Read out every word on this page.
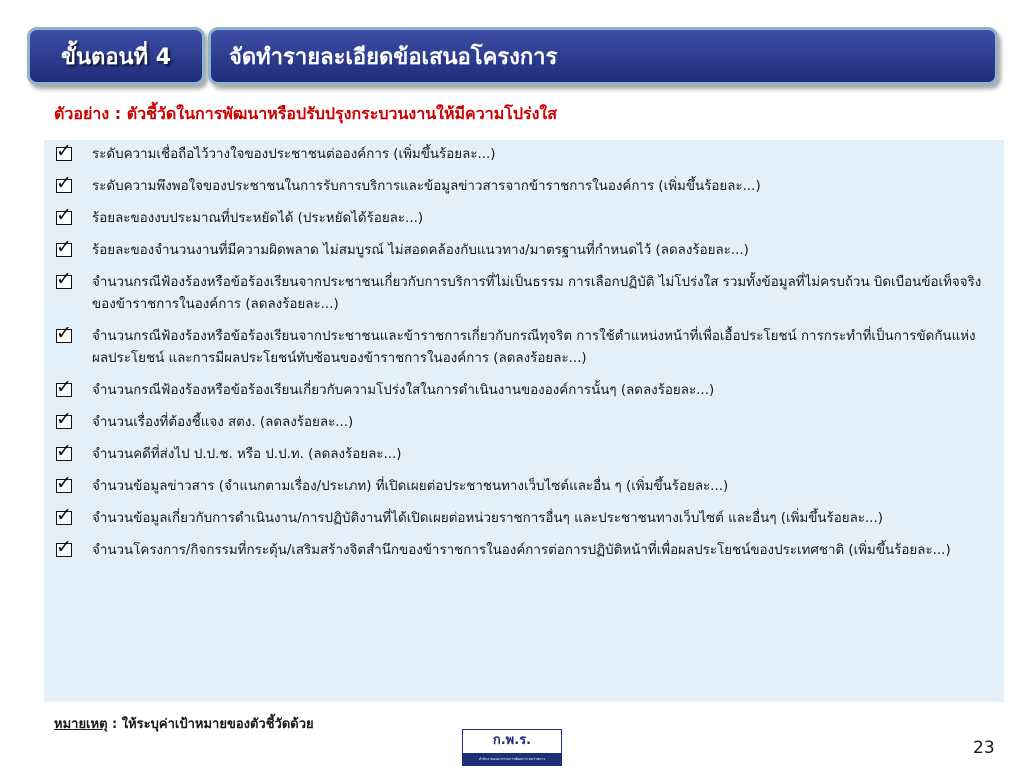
ขั้นตอนที่ 4	จัดทำรายละเอียดข้อเสนอโครงการ
ตัวอย่าง : ตัวชี้วัดในการพัฒนาหรือปรับปรุงกระบวนงานให้มีความโปร่งใส
✓
ระดับความเชื่อถือไว้วางใจของประชาชนต่อองค์การ (เพิ่มขึ้นร้อยละ...)
✓
ระดับความพึงพอใจของประชาชนในการรับการบริการและข้อมูลข่าวสารจากข้าราชการในองค์การ (เพิ่มขึ้นร้อยละ...)
✓
ร้อยละของงบประมาณที่ประหยัดได้ (ประหยัดได้ร้อยละ...)
✓
ร้อยละของจำนวนงานที่มีความผิดพลาด ไม่สมบูรณ์ ไม่สอดคล้องกับแนวทาง/มาตรฐานที่กำหนดไว้ (ลดลงร้อยละ...)
✓
จำนวนกรณีฟ้องร้องหรือข้อร้องเรียนจากประชาชนเกี่ยวกับการบริการที่ไม่เป็นธรรม การเลือกปฏิบัติ ไม่โปร่งใส รวมทั้งข้อมูลที่ไม่ครบถ้วน บิดเบือนข้อเท็จจริงของข้าราชการในองค์การ (ลดลงร้อยละ...)
✓
จำนวนกรณีฟ้องร้องหรือข้อร้องเรียนจากประชาชนและข้าราชการเกี่ยวกับกรณีทุจริต การใช้ตำแหน่งหน้าที่เพื่อเอื้อประโยชน์ การกระทำที่เป็นการขัดกันแห่งผลประโยชน์ และการมีผลประโยชน์ทับซ้อนของข้าราชการในองค์การ (ลดลงร้อยละ...)
✓
จำนวนกรณีฟ้องร้องหรือข้อร้องเรียนเกี่ยวกับความโปร่งใสในการดำเนินงานขององค์การนั้นๆ (ลดลงร้อยละ...)
✓
จำนวนเรื่องที่ต้องชี้แจง สตง. (ลดลงร้อยละ...)
✓
จำนวนคดีที่ส่งไป ป.ป.ช. หรือ ป.ป.ท. (ลดลงร้อยละ...)
✓
จำนวนข้อมูลข่าวสาร (จำแนกตามเรื่อง/ประเภท) ที่เปิดเผยต่อประชาชนทางเว็บไซต์และอื่น ๆ (เพิ่มขึ้นร้อยละ...)
✓
จำนวนข้อมูลเกี่ยวกับการดำเนินงาน/การปฏิบัติงานที่ได้เปิดเผยต่อหน่วยราชการอื่นๆ และประชาชนทางเว็บไซต์ และอื่นๆ (เพิ่มขึ้นร้อยละ...)
✓
จำนวนโครงการ/กิจกรรมที่กระตุ้น/เสริมสร้างจิตสำนึกของข้าราชการในองค์การต่อการปฏิบัติหน้าที่เพื่อผลประโยชน์ของประเทศชาติ (เพิ่มขึ้นร้อยละ...)
หมายเหตุ : ให้ระบุค่าเป้าหมายของตัวชี้วัดด้วย
ก.พ.ร.
สำนักงานคณะกรรมการพัฒนาระบบราชการ
23
